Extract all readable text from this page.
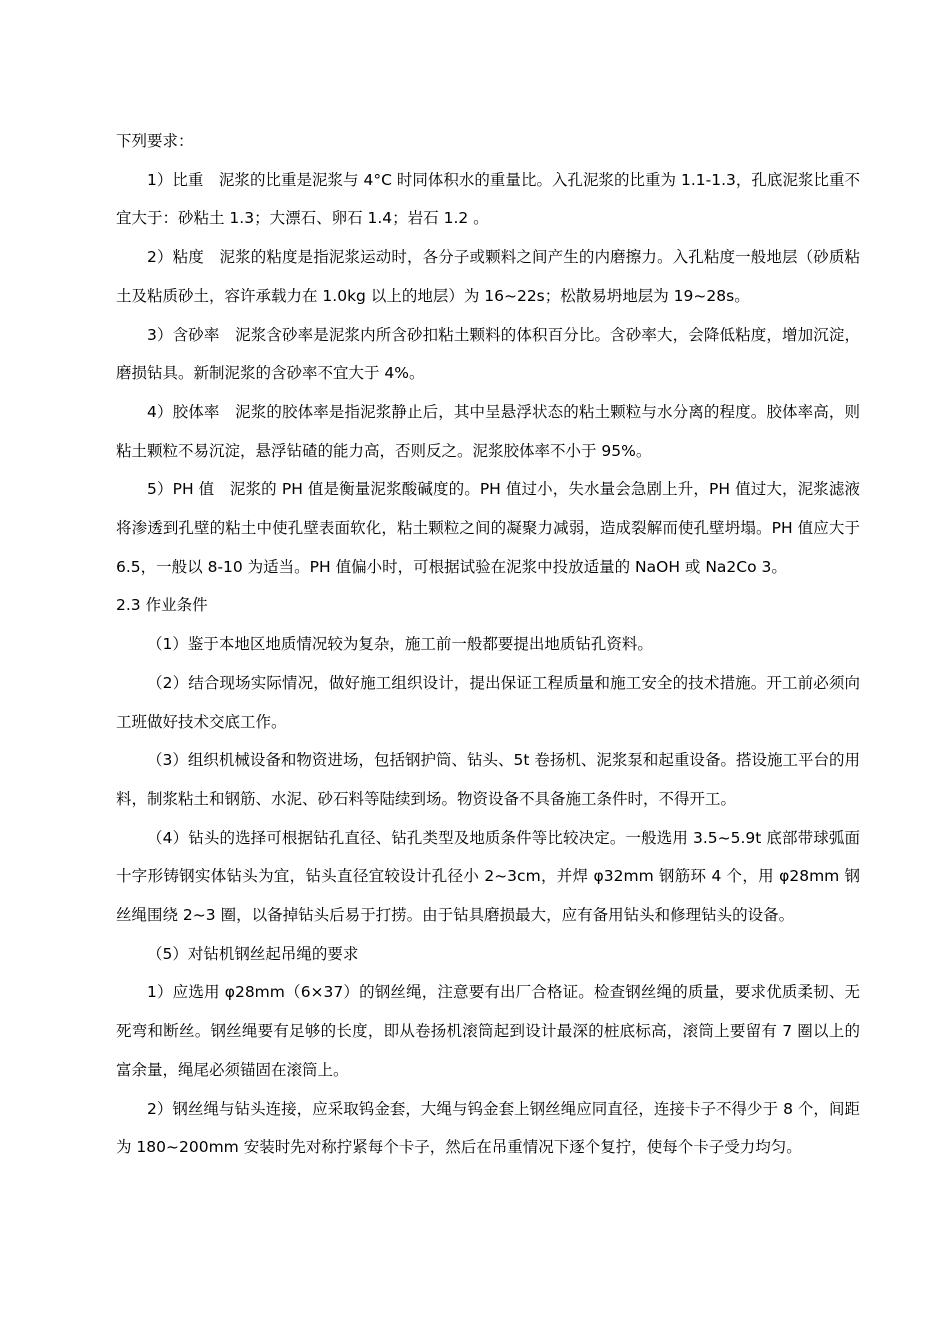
下列要求：

1）比重　泥浆的比重是泥浆与 4°C 时同体积水的重量比。入孔泥浆的比重为 1.1-1.3，孔底泥浆比重不宜大于：砂粘土 1.3；大漂石、卵石 1.4；岩石 1.2 。

2）粘度　泥浆的粘度是指泥浆运动时，各分子或颗料之间产生的内磨擦力。入孔粘度一般地层（砂质粘土及粘质砂土，容许承载力在 1.0kg 以上的地层）为 16~22s；松散易坍地层为 19~28s。

3）含砂率　泥浆含砂率是泥浆内所含砂扣粘土颗料的体积百分比。含砂率大，会降低粘度，增加沉淀，磨损钻具。新制泥浆的含砂率不宜大于 4%。

4）胶体率　泥浆的胶体率是指泥浆静止后，其中呈悬浮状态的粘土颗粒与水分离的程度。胶体率高，则粘土颗粒不易沉淀，悬浮钻碴的能力高，否则反之。泥浆胶体率不小于 95%。

5）PH 值　泥浆的 PH 值是衡量泥浆酸碱度的。PH 值过小，失水量会急剧上升，PH 值过大，泥浆滤液将渗透到孔壁的粘土中使孔壁表面软化，粘土颗粒之间的凝聚力减弱，造成裂解而使孔壁坍塌。PH 值应大于 6.5，一般以 8-10 为适当。PH 值偏小时，可根据试验在泥浆中投放适量的 NaOH 或 Na2Co 3。

2.3 作业条件

（1）鉴于本地区地质情况较为复杂，施工前一般都要提出地质钻孔资料。

（2）结合现场实际情况，做好施工组织设计，提出保证工程质量和施工安全的技术措施。开工前必须向工班做好技术交底工作。

（3）组织机械设备和物资进场，包括钢护筒、钻头、5t 卷扬机、泥浆泵和起重设备。搭设施工平台的用料，制浆粘土和钢筋、水泥、砂石料等陆续到场。物资设备不具备施工条件时，不得开工。

（4）钻头的选择可根据钻孔直径、钻孔类型及地质条件等比较决定。一般选用 3.5~5.9t 底部带球弧面十字形铸钢实体钻头为宜，钻头直径宜较设计孔径小 2~3cm，并焊 φ32mm 钢筋环 4 个，用 φ28mm 钢丝绳围绕 2~3 圈，以备掉钻头后易于打捞。由于钻具磨损最大，应有备用钻头和修理钻头的设备。

（5）对钻机钢丝起吊绳的要求

1）应选用 φ28mm（6×37）的钢丝绳，注意要有出厂合格证。检查钢丝绳的质量，要求优质柔韧、无死弯和断丝。钢丝绳要有足够的长度，即从卷扬机滚筒起到设计最深的桩底标高，滚筒上要留有 7 圈以上的富余量，绳尾必须锚固在滚筒上。

2）钢丝绳与钻头连接，应采取钨金套，大绳与钨金套上钢丝绳应同直径，连接卡子不得少于 8 个，间距为 180~200mm 安装时先对称拧紧每个卡子，然后在吊重情况下逐个复拧，使每个卡子受力均匀。
